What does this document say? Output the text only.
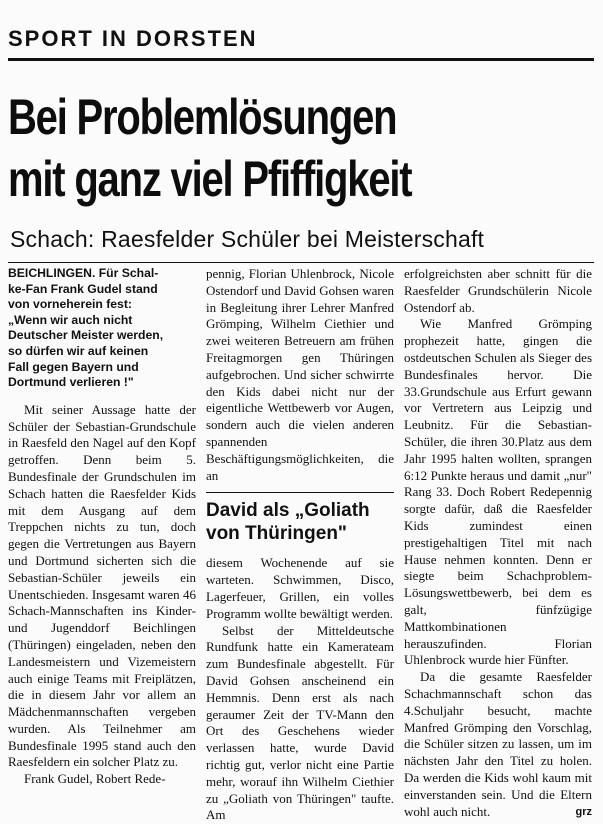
SPORT IN DORSTEN
Bei Problemlösungen
mit ganz viel Pfiffigkeit
Schach: Raesfelder Schüler bei Meisterschaft

BEICHLINGEN. Für Schal-
ke-Fan Frank Gudel stand
von vorneherein fest:
„Wenn wir auch nicht
Deutscher Meister werden,
so dürfen wir auf keinen
Fall gegen Bayern und
Dortmund verlieren !"

Mit seiner Aussage hatte der Schüler der Sebastian-Grundschule in Raesfeld den Nagel auf den Kopf getroffen. Denn beim 5. Bundesfinale der Grundschulen im Schach hatten die Raesfelder Kids mit dem Ausgang auf dem Treppchen nichts zu tun, doch gegen die Vertretungen aus Bayern und Dortmund sicherten sich die Sebastian-Schüler jeweils ein Unentschieden. Insgesamt waren 46 Schach-Mannschaften ins Kinder- und Jugenddorf Beichlingen (Thüringen) eingeladen, neben den Landesmeistern und Vizemeistern auch einige Teams mit Freiplätzen, die in diesem Jahr vor allem an Mädchenmannschaften vergeben wurden. Als Teilnehmer am Bundesfinale 1995 stand auch den Raesfeldern ein solcher Platz zu.

Frank Gudel, Robert Rede-

pennig, Florian Uhlenbrock, Nicole Ostendorf und David Gohsen waren in Begleitung ihrer Lehrer Manfred Grömping, Wilhelm Ciethier und zwei weiteren Betreuern am frühen Freitagmorgen gen Thüringen aufgebrochen. Und sicher schwirrte den Kids dabei nicht nur der eigentliche Wettbewerb vor Augen, sondern auch die vielen anderen spannenden Beschäftigungsmöglichkeiten, die an

David als „Goliath
von Thüringen"

diesem Wochenende auf sie warteten. Schwimmen, Disco, Lagerfeuer, Grillen, ein volles Programm wollte bewältigt werden.

Selbst der Mitteldeutsche Rundfunk hatte ein Kamerateam zum Bundesfinale abgestellt. Für David Gohsen anscheinend ein Hemmnis. Denn erst als nach geraumer Zeit der TV-Mann den Ort des Geschehens wieder verlassen hatte, wurde David richtig gut, verlor nicht eine Partie mehr, worauf ihn Wilhelm Ciethier zu „Goliath von Thüringen" taufte. Am

erfolgreichsten aber schnitt für die Raesfelder Grundschülerin Nicole Ostendorf ab.

Wie Manfred Grömping prophezeit hatte, gingen die ostdeutschen Schulen als Sieger des Bundesfinales hervor. Die 33.Grundschule aus Erfurt gewann vor Vertretern aus Leipzig und Leubnitz. Für die Sebastian-Schüler, die ihren 30.Platz aus dem Jahr 1995 halten wollten, sprangen 6:12 Punkte heraus und damit „nur" Rang 33. Doch Robert Redepennig sorgte dafür, daß die Raesfelder Kids zumindest einen prestigehaltigen Titel mit nach Hause nehmen konnten. Denn er siegte beim Schachproblem-Lösungswettbewerb, bei dem es galt, fünfzügige Mattkombinationen herauszufinden. Florian Uhlenbrock wurde hier Fünfter.

Da die gesamte Raesfelder Schachmannschaft schon das 4.Schuljahr besucht, machte Manfred Grömping den Vorschlag, die Schüler sitzen zu lassen, um im nächsten Jahr den Titel zu holen. Da werden die Kids wohl kaum mit einverstanden sein. Und die Eltern wohl auch nicht.	grz
